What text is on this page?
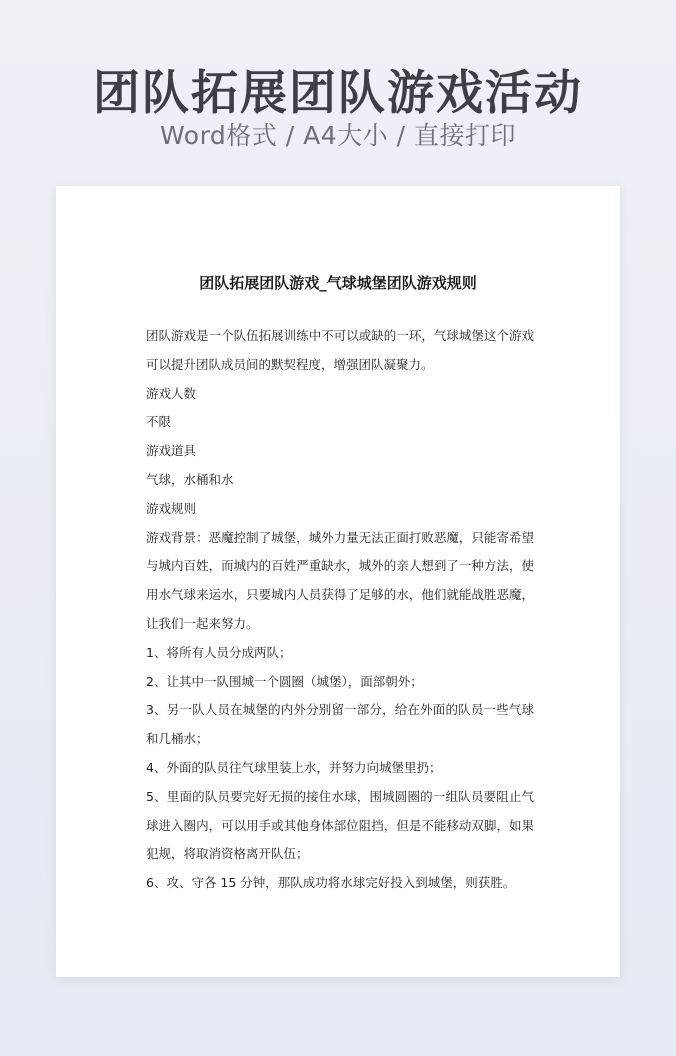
团队拓展团队游戏活动
Word格式 / A4大小 / 直接打印
团队拓展团队游戏_气球城堡团队游戏规则

团队游戏是一个队伍拓展训练中不可以或缺的一环，气球城堡这个游戏可以提升团队成员间的默契程度，增强团队凝聚力。

游戏人数

不限

游戏道具

气球，水桶和水

游戏规则

游戏背景：恶魔控制了城堡，城外力量无法正面打败恶魔，只能寄希望与城内百姓，而城内的百姓严重缺水，城外的亲人想到了一种方法，使用水气球来运水，只要城内人员获得了足够的水，他们就能战胜恶魔，让我们一起来努力。

1、将所有人员分成两队；

2、让其中一队围城一个圆圈（城堡），面部朝外；

3、另一队人员在城堡的内外分别留一部分，给在外面的队员一些气球和几桶水；

4、外面的队员往气球里装上水，并努力向城堡里扔；

5、里面的队员要完好无损的接住水球，围城圆圈的一组队员要阻止气球进入圈内，可以用手或其他身体部位阻挡，但是不能移动双脚，如果犯规，将取消资格离开队伍；

6、攻、守各 15 分钟，那队成功将水球完好投入到城堡，则获胜。
